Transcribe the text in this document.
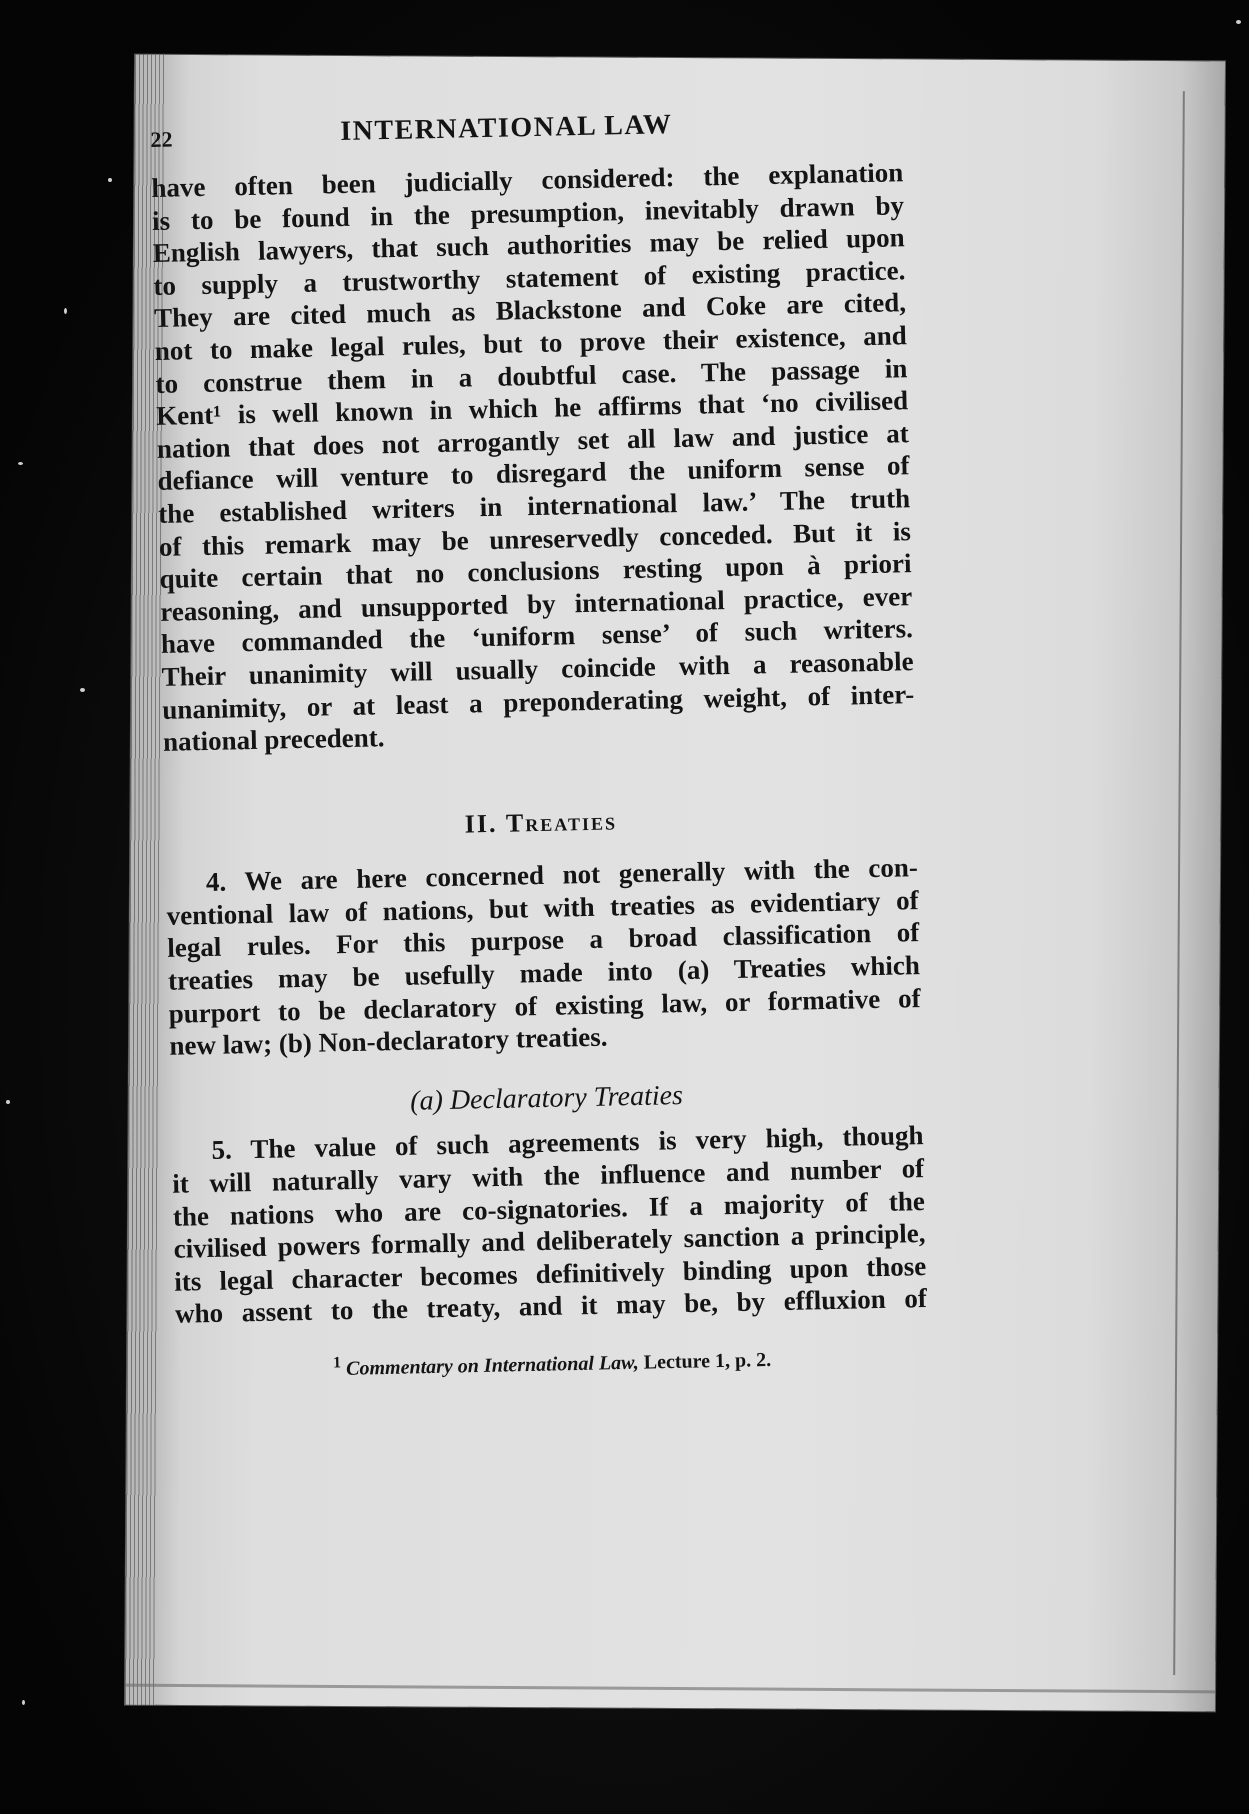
22	INTERNATIONAL LAW
have often been judicially considered: the explanation
is to be found in the presumption, inevitably drawn by
English lawyers, that such authorities may be relied upon
to supply a trustworthy statement of existing practice.
They are cited much as Blackstone and Coke are cited,
not to make legal rules, but to prove their existence, and
to construe them in a doubtful case. The passage in
Kent¹ is well known in which he affirms that ‘no civilised
nation that does not arrogantly set all law and justice at
defiance will venture to disregard the uniform sense of
the established writers in international law.’ The truth
of this remark may be unreservedly conceded. But it is
quite certain that no conclusions resting upon à priori
reasoning, and unsupported by international practice, ever
have commanded the ‘uniform sense’ of such writers.
Their unanimity will usually coincide with a reasonable
unanimity, or at least a preponderating weight, of inter-
national precedent.
II. Treaties
4. We are here concerned not generally with the con-
ventional law of nations, but with treaties as evidentiary of
legal rules. For this purpose a broad classification of
treaties may be usefully made into (a) Treaties which
purport to be declaratory of existing law, or formative of
new law; (b) Non-declaratory treaties.
(a) Declaratory Treaties
5. The value of such agreements is very high, though
it will naturally vary with the influence and number of
the nations who are co-signatories. If a majority of the
civilised powers formally and deliberately sanction a principle,
its legal character becomes definitively binding upon those
who assent to the treaty, and it may be, by effluxion of
$^1$ Commentary on International Law, Lecture 1, p. 2.
